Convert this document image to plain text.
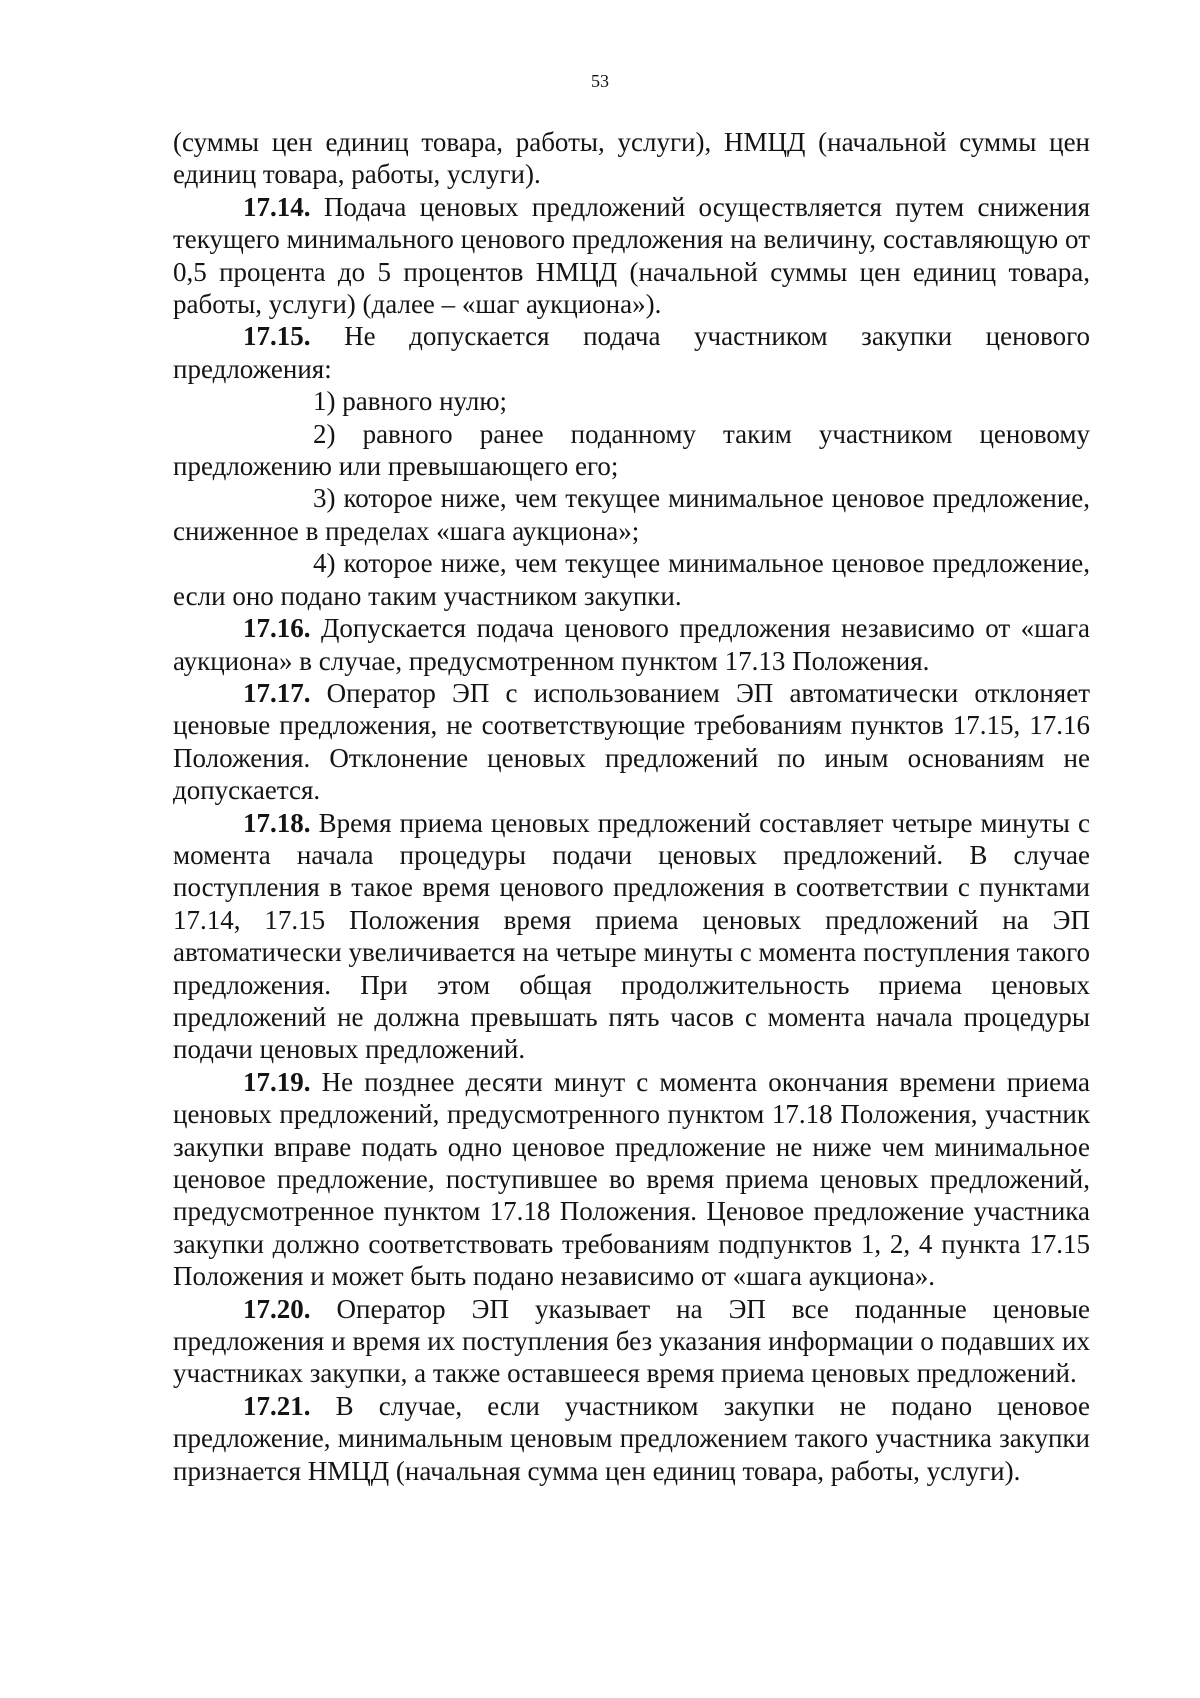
53

(суммы цен единиц товара, работы, услуги), НМЦД (начальной суммы цен единиц товара, работы, услуги).

17.14. Подача ценовых предложений осуществляется путем снижения текущего минимального ценового предложения на величину, составляющую от 0,5 процента до 5 процентов НМЦД (начальной суммы цен единиц товара, работы, услуги) (далее – «шаг аукциона»).

17.15. Не допускается подача участником закупки ценового предложения:

1) равного нулю;

2) равного ранее поданному таким участником ценовому предложению или превышающего его;

3) которое ниже, чем текущее минимальное ценовое предложение, сниженное в пределах «шага аукциона»;

4) которое ниже, чем текущее минимальное ценовое предложение, если оно подано таким участником закупки.

17.16. Допускается подача ценового предложения независимо от «шага аукциона» в случае, предусмотренном пунктом 17.13 Положения.

17.17. Оператор ЭП с использованием ЭП автоматически отклоняет ценовые предложения, не соответствующие требованиям пунктов 17.15, 17.16 Положения. Отклонение ценовых предложений по иным основаниям не допускается.

17.18. Время приема ценовых предложений составляет четыре минуты с момента начала процедуры подачи ценовых предложений. В случае поступления в такое время ценового предложения в соответствии с пунктами 17.14, 17.15 Положения время приема ценовых предложений на ЭП автоматически увеличивается на четыре минуты с момента поступления такого предложения. При этом общая продолжительность приема ценовых предложений не должна превышать пять часов с момента начала процедуры подачи ценовых предложений.

17.19. Не позднее десяти минут с момента окончания времени приема ценовых предложений, предусмотренного пунктом 17.18 Положения, участник закупки вправе подать одно ценовое предложение не ниже чем минимальное ценовое предложение, поступившее во время приема ценовых предложений, предусмотренное пунктом 17.18 Положения. Ценовое предложение участника закупки должно соответствовать требованиям подпунктов 1, 2, 4 пункта 17.15 Положения и может быть подано независимо от «шага аукциона».

17.20. Оператор ЭП указывает на ЭП все поданные ценовые предложения и время их поступления без указания информации о подавших их участниках закупки, а также оставшееся время приема ценовых предложений.

17.21. В случае, если участником закупки не подано ценовое предложение, минимальным ценовым предложением такого участника закупки признается НМЦД (начальная сумма цен единиц товара, работы, услуги).
